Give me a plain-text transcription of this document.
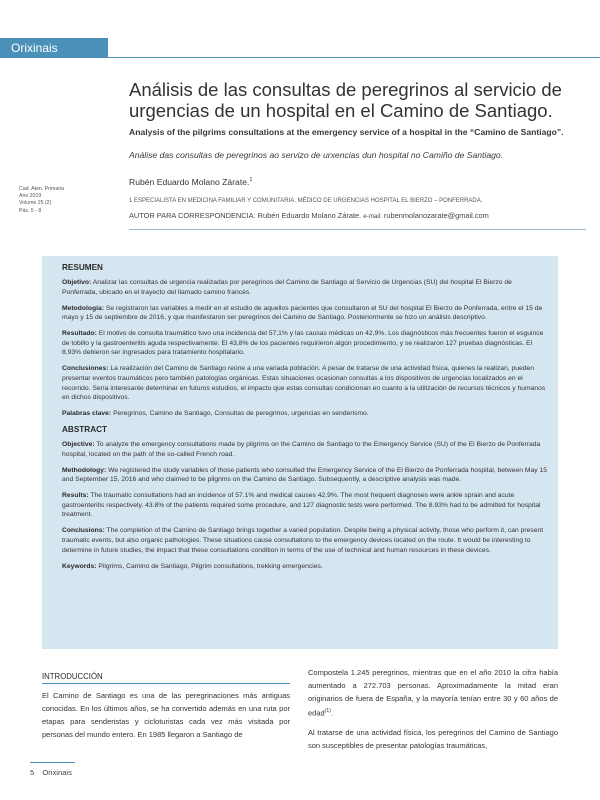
Orixinais
Análisis de las consultas de peregrinos al servicio de urgencias de un hospital en el Camino de Santiago.
Analysis of the pilgrims consultations at the emergency service of a hospital in the “Camino de Santiago”.
Análise das consultas de peregrinos ao servizo de urxencias dun hospital no Camiño de Santiago.
Cad. Aten. Primaria
Ano 2019
Volume 25 (2)
Páx. 5 - 8
Rubén Eduardo Molano Zárate.$^1$
1 ESPECIALISTA EN MEDICINA FAMILIAR Y COMUNITARIA. MÉDICO DE URGENCIAS HOSPITAL EL BIERZO – PONFERRADA.
AUTOR PARA CORRESPONDENCIA: Rubén Eduardo Molano Zárate. e-mail: rubenmolanozarate@gmail.com
RESUMEN

Objetivo: Analizar las consultas de urgencia realizadas por peregrinos del Camino de Santiago al Servicio de Urgencias (SU) del hospital El Bierzo de Ponferrada, ubicado en el trayecto del llamado camino francés.

Metodología: Se registraron las variables a medir en el estudio de aquellos pacientes que consultaron el SU del hospital El Bierzo de Ponferrada, entre el 15 de mayo y 15 de septiembre de 2016, y que manifestaron ser peregrinos del Camino de Santiago. Posteriormente se hizo un análisis descriptivo.

Resultado: El motivo de consulta traumático tuvo una incidencia del 57,1% y las causas médicas un 42,9%. Los diagnósticos más frecuentes fueron el esguince de tobillo y la gastroenteritis aguda respectivamente. El 43,8% de los pacientes requirieron algún procedimiento, y se realizaron 127 pruebas diagnósticas. El 8,93% debieron ser ingresados para tratamiento hospitalario.

Conclusiones: La realización del Camino de Santiago reúne a una variada población. A pesar de tratarse de una actividad física, quienes la realizan, pueden presentar eventos traumáticos pero también patologías orgánicas. Estas situaciones ocasionan consultas a los dispositivos de urgencias localizados en el recorrido. Sería interesante determinar en futuros estudios, el impacto que estas consultas condicionan en cuanto a la utilización de recursos técnicos y humanos en dichos dispositivos.

Palabras clave: Peregrinos, Camino de Santiago, Consultas de peregrinos, urgencias en senderismo.

ABSTRACT

Objective: To analyze the emergency consultations made by pilgrims on the Camino de Santiago to the Emergency Service (SU) of the El Bierzo de Ponferrada hospital, located on the path of the so-called French road.

Methodology: We registered the study variables of those patients who consulted the Emergency Service of the El Bierzo de Ponferrada hospital, between May 15 and September 15, 2016 and who claimed to be pilgrims on the Camino de Santiago. Subsequently, a descriptive analysis was made.

Results: The traumatic consultations had an incidence of 57.1% and medical causes 42.9%. The most frequent diagnoses were ankle sprain and acute gastroenteritis respectively. 43.8% of the patients required some procedure, and 127 diagnostic tests were performed. The 8.93% had to be admitted for hospital treatment.

Conclusions: The completion of the Camino de Santiago brings together a varied population. Despite being a physical activity, those who perform it, can present traumatic events, but also organic pathologies. These situations cause consultations to the emergency devices located on the route. It would be interesting to determine in future studies, the impact that these consultations condition in terms of the use of technical and human resources in these devices.

Keywords: Pilgrims, Camino de Santiago, Pilgrim consultations, trekking emergencies.

INTRODUCCIÓN

El Camino de Santiago es una de las peregrinaciones más antiguas conocidas. En los últimos años, se ha convertido además en una ruta por etapas para senderistas y cicloturistas cada vez más visitada por personas del mundo entero. En 1985 llegaron a Santiago de

Compostela 1.245 peregrinos, mientras que en el año 2010 la cifra había aumentado a 272.703 personas. Aproximadamente la mitad eran originarios de fuera de España, y la mayoría tenían entre 30 y 60 años de edad$^{(1)}$.

Al tratarse de una actividad física, los peregrinos del Camino de Santiago son susceptibles de presentar patologías traumáticas,

5 Orixinais
